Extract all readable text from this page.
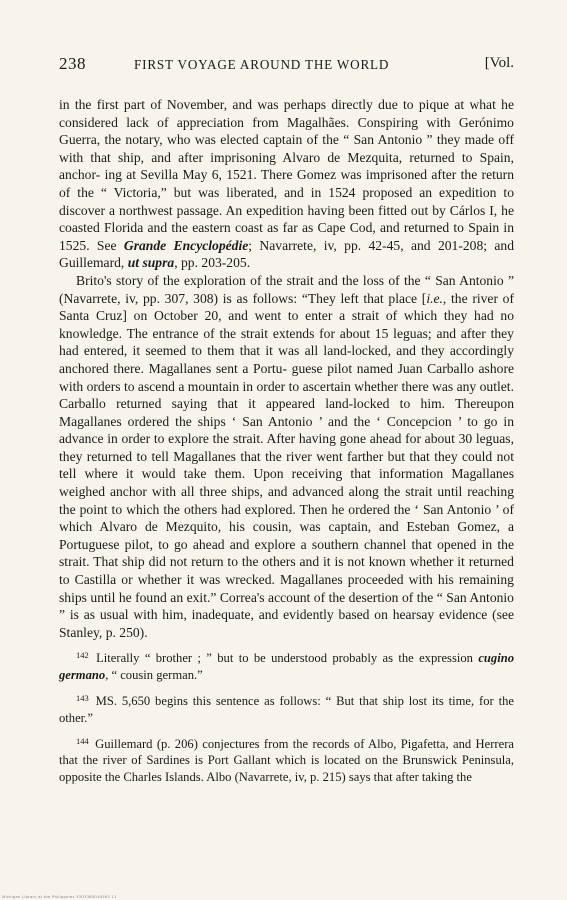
238	FIRST VOYAGE AROUND THE WORLD	[Vol.

in the first part of November, and was perhaps directly due to pique at what he considered lack of appreciation from Magalhães. Conspiring with Gerónimo Guerra, the notary, who was elected captain of the “ San Antonio ” they made off with that ship, and after imprisoning Alvaro de Mezquita, returned to Spain, anchor- ing at Sevilla May 6, 1521. There Gomez was imprisoned after the return of the “ Victoria,” but was liberated, and in 1524 proposed an expedition to discover a northwest passage. An expedition having been fitted out by Cárlos I, he coasted Florida and the eastern coast as far as Cape Cod, and returned to Spain in 1525. See Grande Encyclopédie; Navarrete, iv, pp. 42-45, and 201-208; and Guillemard, ut supra, pp. 203-205.

Brito's story of the exploration of the strait and the loss of the “ San Antonio ” (Navarrete, iv, pp. 307, 308) is as follows: “They left that place [i.e., the river of Santa Cruz] on October 20, and went to enter a strait of which they had no knowledge. The entrance of the strait extends for about 15 leguas; and after they had entered, it seemed to them that it was all land-locked, and they accordingly anchored there. Magallanes sent a Portu- guese pilot named Juan Carballo ashore with orders to ascend a mountain in order to ascertain whether there was any outlet. Carballo returned saying that it appeared land-locked to him. Thereupon Magallanes ordered the ships ‘ San Antonio ’ and the ‘ Concepcion ’ to go in advance in order to explore the strait. After having gone ahead for about 30 leguas, they returned to tell Magallanes that the river went farther but that they could not tell where it would take them. Upon receiving that information Magallanes weighed anchor with all three ships, and advanced along the strait until reaching the point to which the others had explored. Then he ordered the ‘ San Antonio ’ of which Alvaro de Mezquito, his cousin, was captain, and Esteban Gomez, a Portuguese pilot, to go ahead and explore a southern channel that opened in the strait. That ship did not return to the others and it is not known whether it returned to Castilla or whether it was wrecked. Magallanes proceeded with his remaining ships until he found an exit.” Correa's account of the desertion of the “ San Antonio ” is as usual with him, inadequate, and evidently based on hearsay evidence (see Stanley, p. 250).

$^{142}$ Literally “ brother ; ” but to be understood probably as the expression cugino germano, “ cousin german.”

$^{143}$ MS. 5,650 begins this sentence as follows: “ But that ship lost its time, for the other.”

$^{144}$ Guillemard (p. 206) conjectures from the records of Albo, Pigafetta, and Herrera that the river of Sardines is Port Gallant which is located on the Brunswick Peninsula, opposite the Charles Islands. Albo (Navarrete, iv, p. 215) says that after taking the

Michigan Library at the Philippines 3303360040593 11
